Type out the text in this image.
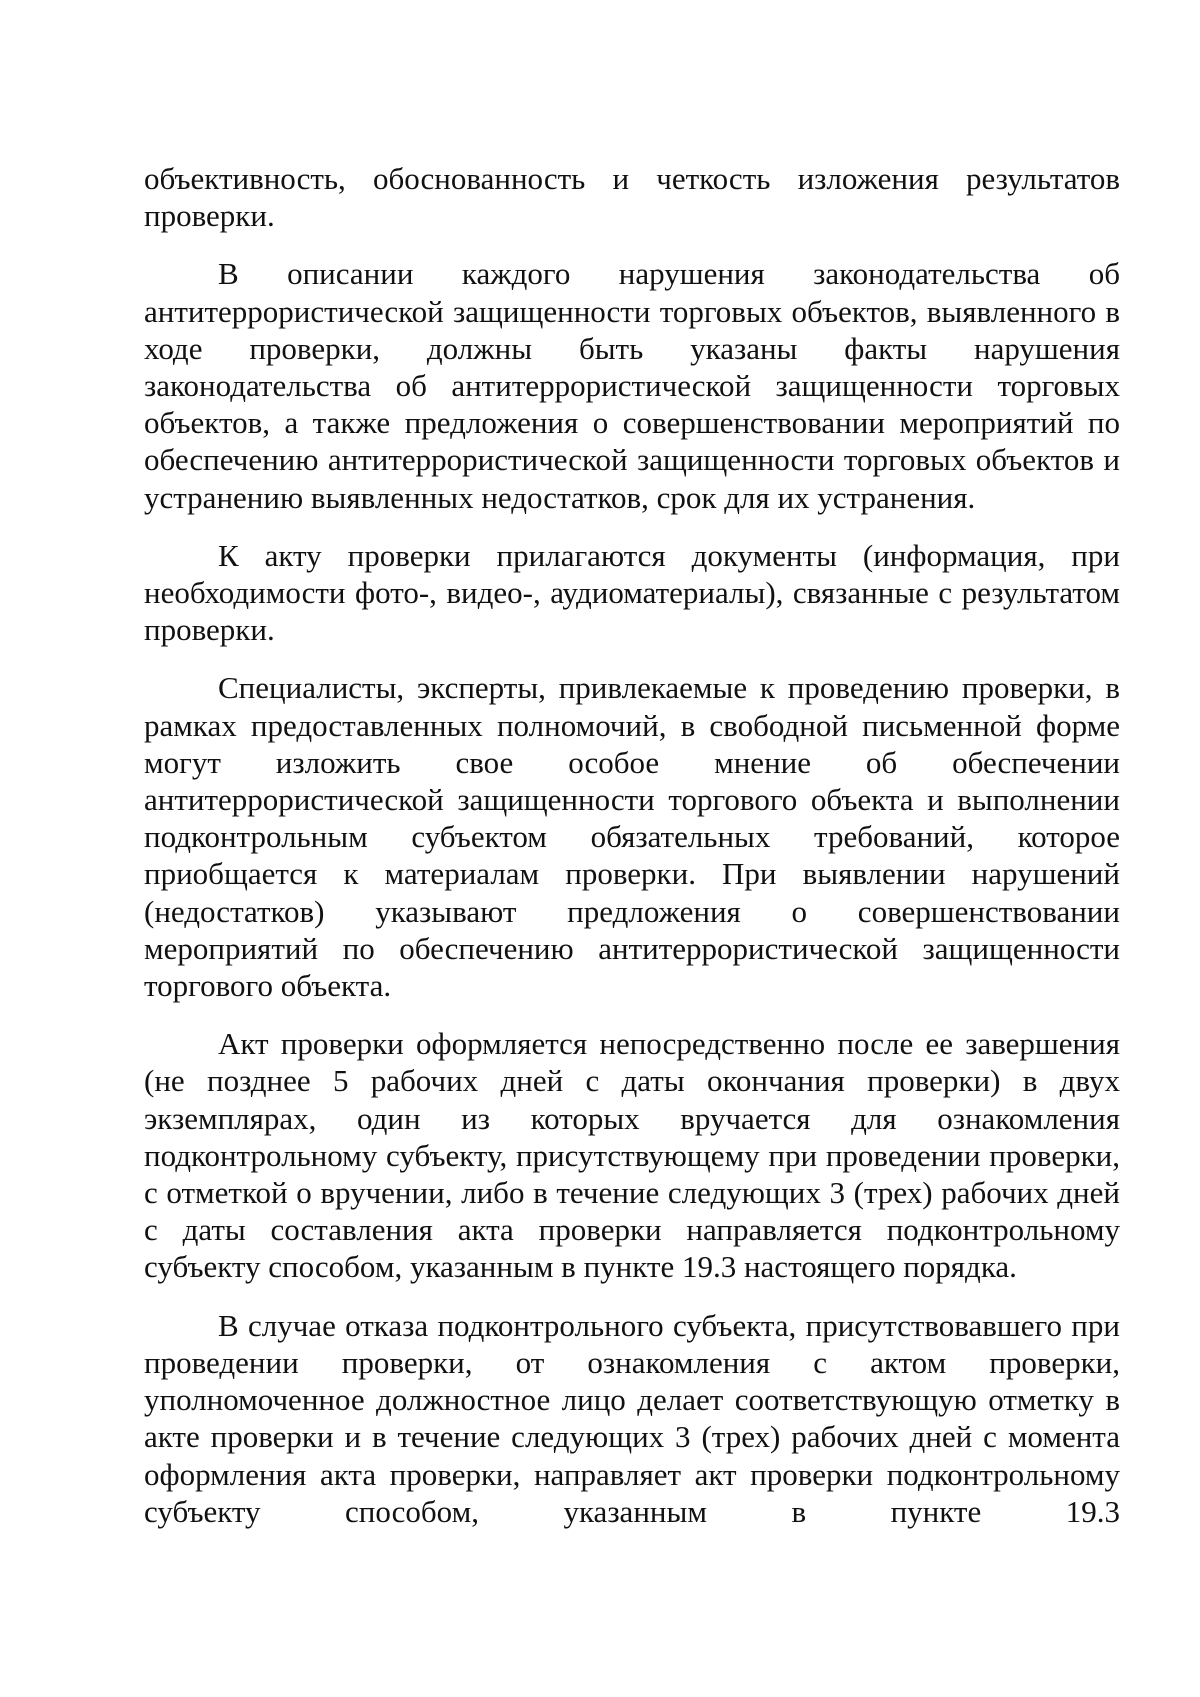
объективность, обоснованность и четкость изложения результатов проверки.

В описании каждого нарушения законодательства об антитеррористической защищенности торговых объектов, выявленного в ходе проверки, должны быть указаны факты нарушения законодательства об антитеррористической защищенности торговых объектов, а также предложения о совершенствовании мероприятий по обеспечению антитеррористической защищенности торговых объектов и устранению выявленных недостатков, срок для их устранения.

К акту проверки прилагаются документы (информация, при необходимости фото-, видео-, аудиоматериалы), связанные с результатом проверки.

Специалисты, эксперты, привлекаемые к проведению проверки, в рамках предоставленных полномочий, в свободной письменной форме могут изложить свое особое мнение об обеспечении антитеррористической защищенности торгового объекта и выполнении подконтрольным субъектом обязательных требований, которое приобщается к материалам проверки. При выявлении нарушений (недостатков) указывают предложения о совершенствовании мероприятий по обеспечению антитеррористической защищенности торгового объекта.

Акт проверки оформляется непосредственно после ее завершения (не позднее 5 рабочих дней с даты окончания проверки) в двух экземплярах, один из которых вручается для ознакомления подконтрольному субъекту, присутствующему при проведении проверки, с отметкой о вручении, либо в течение следующих 3 (трех) рабочих дней с даты составления акта проверки направляется подконтрольному субъекту способом, указанным в пункте 19.3 настоящего порядка.

В случае отказа подконтрольного субъекта, присутствовавшего при проведении проверки, от ознакомления с актом проверки, уполномоченное должностное лицо делает соответствующую отметку в акте проверки и в течение следующих 3 (трех) рабочих дней с момента оформления акта проверки, направляет акт проверки подконтрольному субъекту способом, указанным в пункте 19.3
